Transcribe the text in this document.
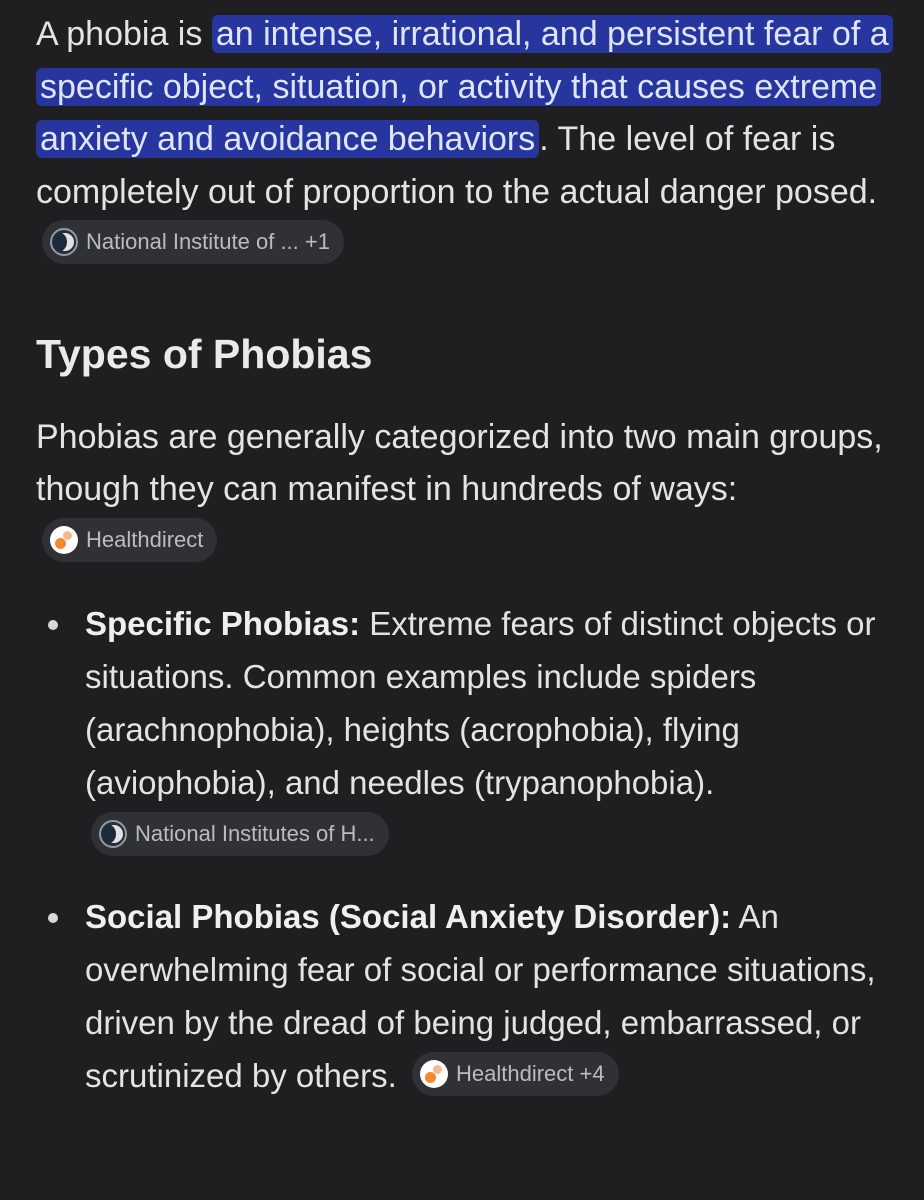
A phobia is an intense, irrational, and persistent fear of a specific object, situation, or activity that causes extreme anxiety and avoidance behaviors . The level of fear is completely out of proportion to the actual danger posed.
National Institute of ... +1

Types of Phobias

Phobias are generally categorized into two main groups, though they can manifest in hundreds of ways:
Healthdirect

Specific Phobias: Extreme fears of distinct objects or situations. Common examples include spiders (arachnophobia), heights (acrophobia), flying (aviophobia), and needles (trypanophobia).
National Institutes of H...
Social Phobias (Social Anxiety Disorder): An overwhelming fear of social or performance situations, driven by the dread of being judged, embarrassed, or scrutinized by others.	Healthdirect +4
